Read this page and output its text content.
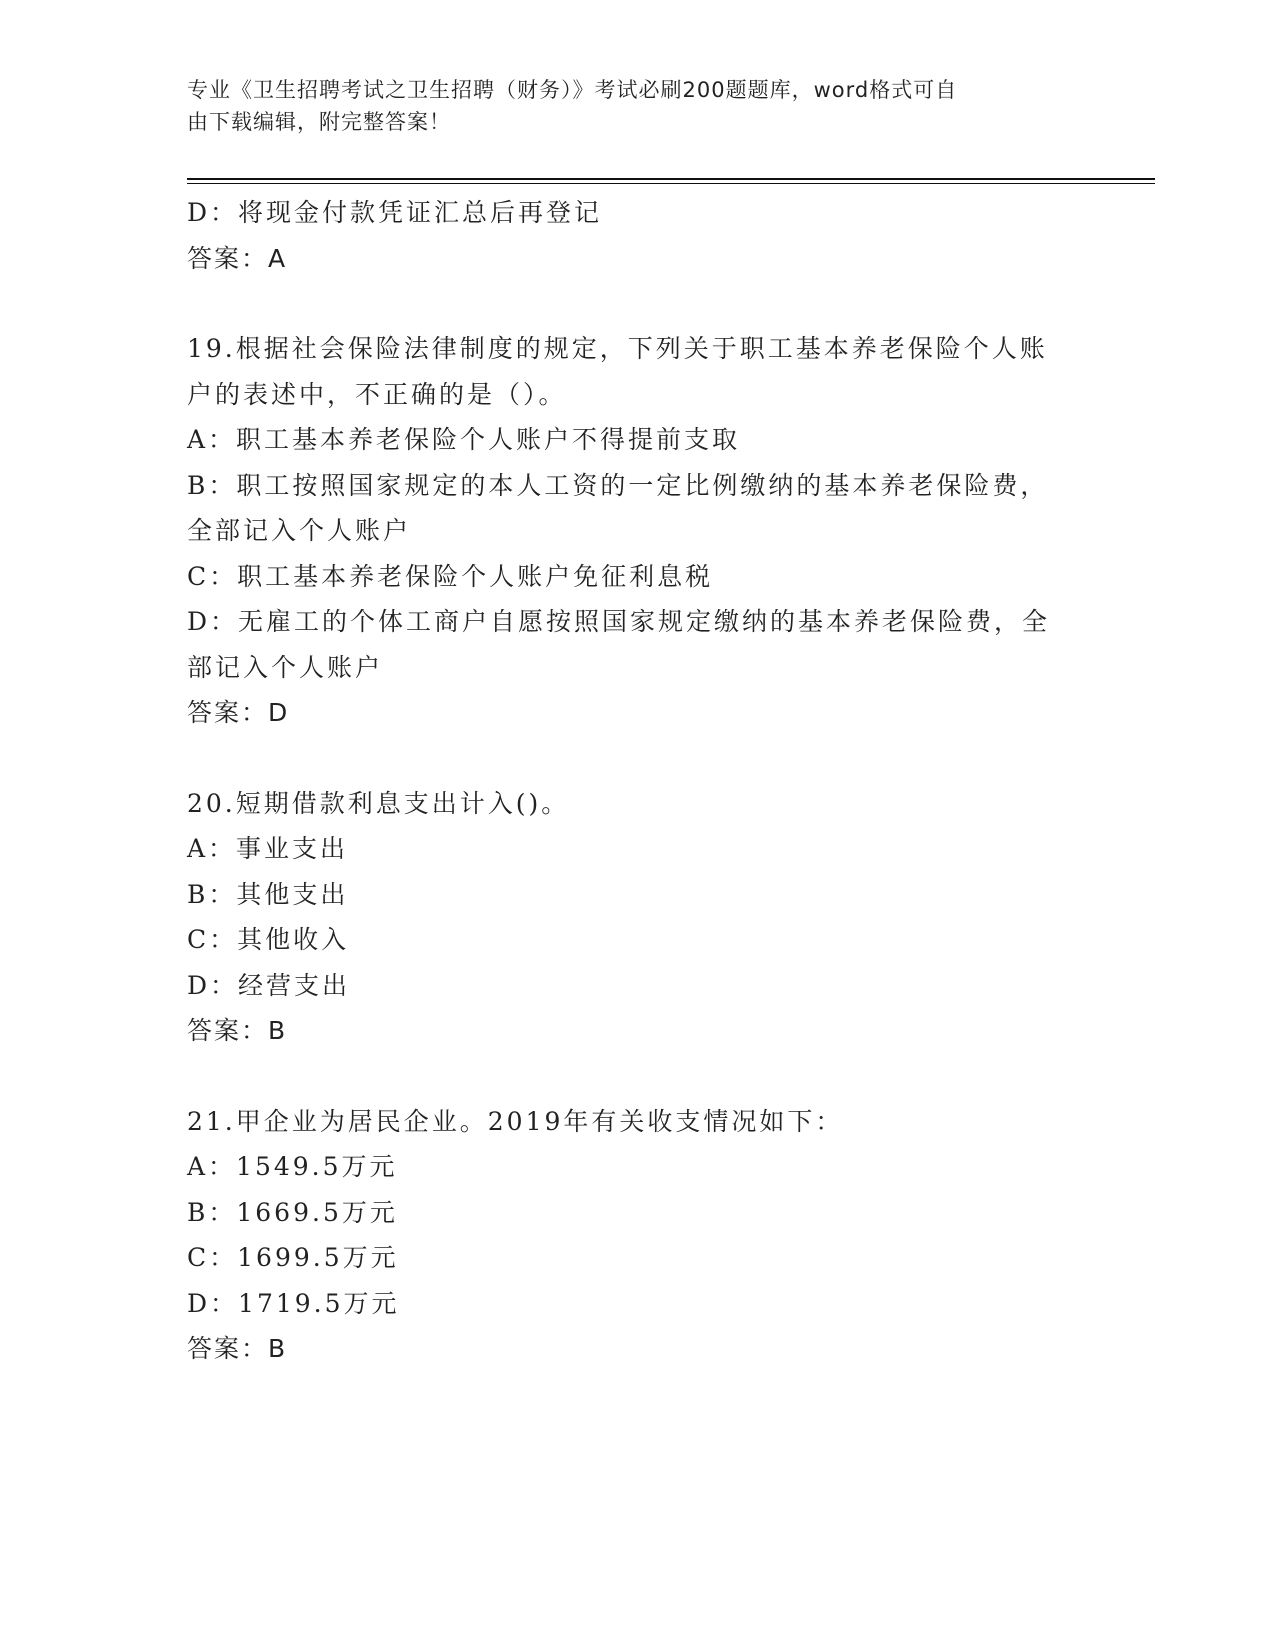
专业《卫生招聘考试之卫生招聘（财务）》考试必刷200题题库，word格式可自
由下载编辑，附完整答案！
D：将现金付款凭证汇总后再登记
答案：A
19.根据社会保险法律制度的规定，下列关于职工基本养老保险个人账
户的表述中，不正确的是（）。
A：职工基本养老保险个人账户不得提前支取
B：职工按照国家规定的本人工资的一定比例缴纳的基本养老保险费，
全部记入个人账户
C：职工基本养老保险个人账户免征利息税
D：无雇工的个体工商户自愿按照国家规定缴纳的基本养老保险费，全
部记入个人账户
答案：D
20.短期借款利息支出计入()。
A：事业支出
B：其他支出
C：其他收入
D：经营支出
答案：B
21.甲企业为居民企业。2019年有关收支情况如下：
A：1549.5万元
B：1669.5万元
C：1699.5万元
D：1719.5万元
答案：B
